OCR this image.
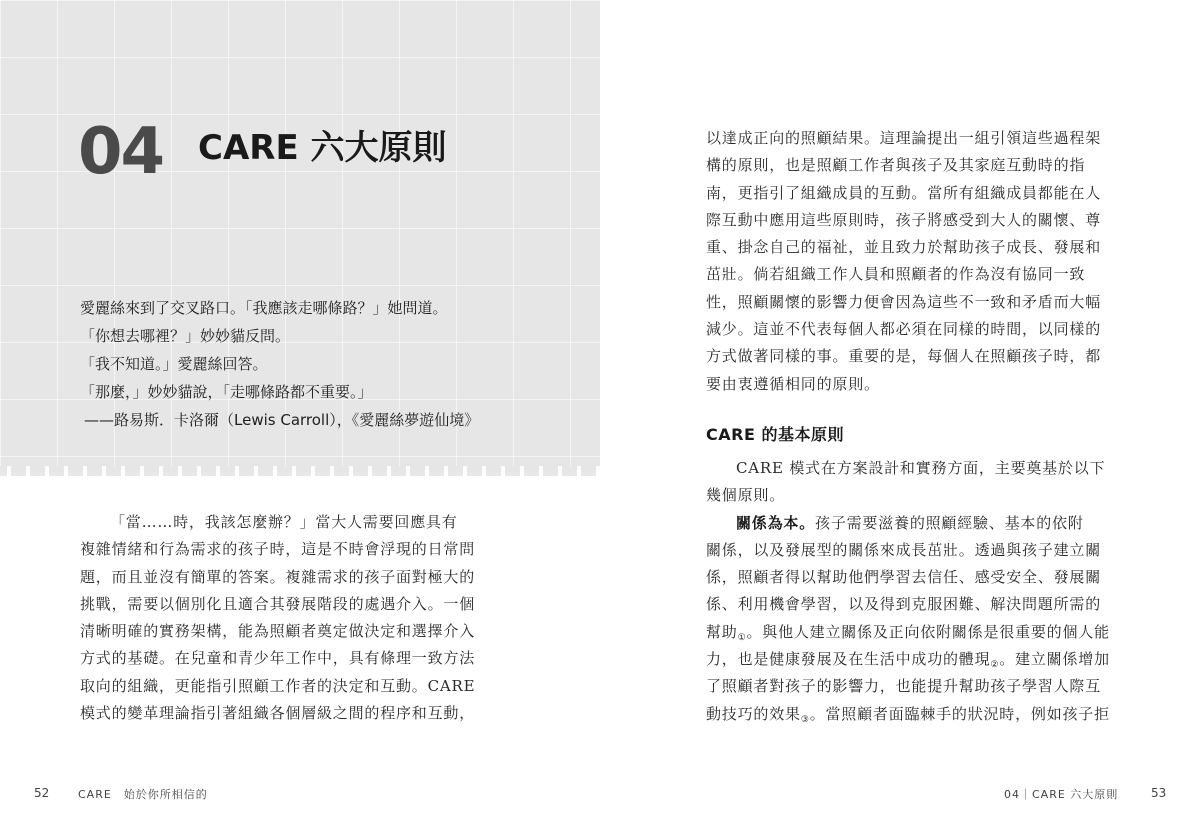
04 CARE 六大原則
愛麗絲來到了交叉路口。「我應該走哪條路？」她問道。
「你想去哪裡？」妙妙貓反問。
「我不知道。」愛麗絲回答。
「那麼，」妙妙貓說，「走哪條路都不重要。」
——路易斯．卡洛爾（Lewis Carroll），《愛麗絲夢遊仙境》
「當……時，我該怎麼辦？」當大人需要回應具有
複雜情緒和行為需求的孩子時，這是不時會浮現的日常問
題，而且並沒有簡單的答案。複雜需求的孩子面對極大的
挑戰，需要以個別化且適合其發展階段的處遇介入。一個
清晰明確的實務架構，能為照顧者奠定做決定和選擇介入
方式的基礎。在兒童和青少年工作中，具有條理一致方法
取向的組織，更能指引照顧工作者的決定和互動。CARE
模式的變革理論指引著組織各個層級之間的程序和互動，
52	CARE　始於你所相信的
以達成正向的照顧結果。這理論提出一組引領這些過程架
構的原則，也是照顧工作者與孩子及其家庭互動時的指
南，更指引了組織成員的互動。當所有組織成員都能在人
際互動中應用這些原則時，孩子將感受到大人的關懷、尊
重、掛念自己的福祉，並且致力於幫助孩子成長、發展和
茁壯。倘若組織工作人員和照顧者的作為沒有協同一致
性，照顧關懷的影響力便會因為這些不一致和矛盾而大幅
減少。這並不代表每個人都必須在同樣的時間，以同樣的
方式做著同樣的事。重要的是，每個人在照顧孩子時，都
要由衷遵循相同的原則。
CARE 的基本原則
CARE 模式在方案設計和實務方面，主要奠基於以下
幾個原則。
關係為本。孩子需要滋養的照顧經驗、基本的依附
關係，以及發展型的關係來成長茁壯。透過與孩子建立關
係，照顧者得以幫助他們學習去信任、感受安全、發展關
係、利用機會學習，以及得到克服困難、解決問題所需的
幫助$_①$。與他人建立關係及正向依附關係是很重要的個人能
力，也是健康發展及在生活中成功的體現$_②$。建立關係增加
了照顧者對孩子的影響力，也能提升幫助孩子學習人際互
動技巧的效果$_③$。當照顧者面臨棘手的狀況時，例如孩子拒
04｜CARE 六大原則	53
